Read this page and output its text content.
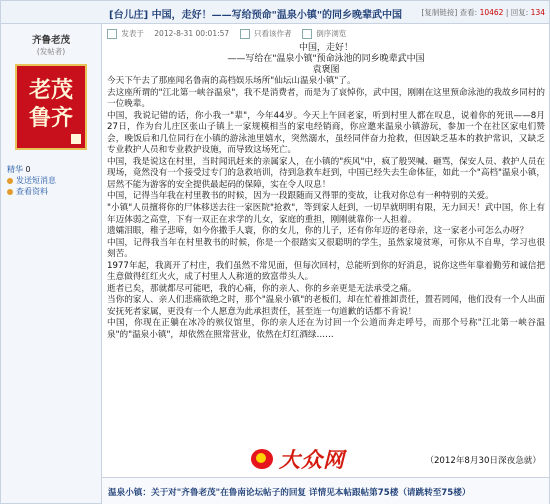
[台儿庄] 中国，走好！——写给预命"温泉小镇"的同乡晚辈武中国	[复制链接] 查看: 10462 | 回复: 134
齐鲁老茂
(发帖者)
老茂
鲁齐
精华 0
发送短消息
查看资料
发表于 2012-8-31 00:01:57	只看该作者	倒序浏览
中国，走好！
——写给在"温泉小镇"预命泳池的同乡晚辈武中国
袁褒图

今天下午去了那座闻名鲁南的高档娱乐场所"仙坛山温泉小镇"了。

去这座所谓的"江北第一峡谷温泉"，我不是消费者，而是为了哀悼你，武中国，刚刚在这里预命泳池的我故乡同村的一位晚辈。

中国，我说记错的话，你小我一"辈"，今年44岁。今天上午回老家，听到村里人都在叹息，说着你的死讯——8月27日，作为台儿庄区张山子镇上一家规模相当的家电经销商，你应邀来温泉小镇游玩，参加一个在社区家电们赞会，晚饭后和几位同行在小镇的游泳池里嬉水，突然溺水，虽经同伴奋力抢救，但因缺乏基本的救护常识，又缺乏专业救护人员和专业救护设施，而导致这场死亡。

中国，我是说这在村里，当时闻讯赶来的亲属家人，在小镇的"疾风"中，疯了般哭喊、砸骂，保安人员、救护人员在现场，竟然没有一个接受过专门的急救培训，待到急救车赶到，中国已经失去生命体征，如此一个"高档"温泉小镇，居然不能为游客的安全提供最起码的保障，实在令人叹息！

中国，记得当年我在村里教书的时候，因为一段跟随而又得罪的变故，让我对你总有一种特别的关爱。

"小镇"人员擅将你的尸体移送去往一家医院"抢救"，等到家人赶到，一切早就明明有限，无力回天！武中国，你上有年迈体弱之高堂，下有一双正在求学的儿女，家庭的重担，刚刚就靠你一人担着。

遗孀泪眼，稚子悲啼，如今你撒手人寰，你的女儿，你的儿子，还有你年迈的老母亲，这一家老小可怎么办呀？

中国，记得我当年在村里教书的时候，你是一个很踏实又很聪明的学生，虽然家境贫寒，可你从不自卑，学习也很刻苦。

1977年起，我离开了村庄，我们虽然不常见面，但每次回村，总能听到你的好消息，说你这些年靠着勤劳和诚信把生意做得红红火火，成了村里人人称道的致富带头人。

逝者已矣，那就都尽可能吧，我的心痛，你的亲人、你的乡亲更是无法承受之痛。

当你的家人、亲人们悲痛欲绝之时，那个"温泉小镇"的老板们，却在忙着推卸责任，置若罔闻，他们没有一个人出面安抚死者家属，更没有一个人愿意为此承担责任，甚至连一句道歉的话都不肯说！

中国，你现在正躺在冰冷的殡仪馆里，你的亲人还在为讨回一个公道而奔走呼号，而那个号称"江北第一峡谷温泉"的"温泉小镇"，却依然在照常营业，依然在灯红酒绿……

大众网	（2012年8月30日深夜急就）
温泉小镇：关于对"齐鲁老茂"在鲁南论坛帖子的回复 详情见本帖跟帖第75楼（请跳转至75楼）
